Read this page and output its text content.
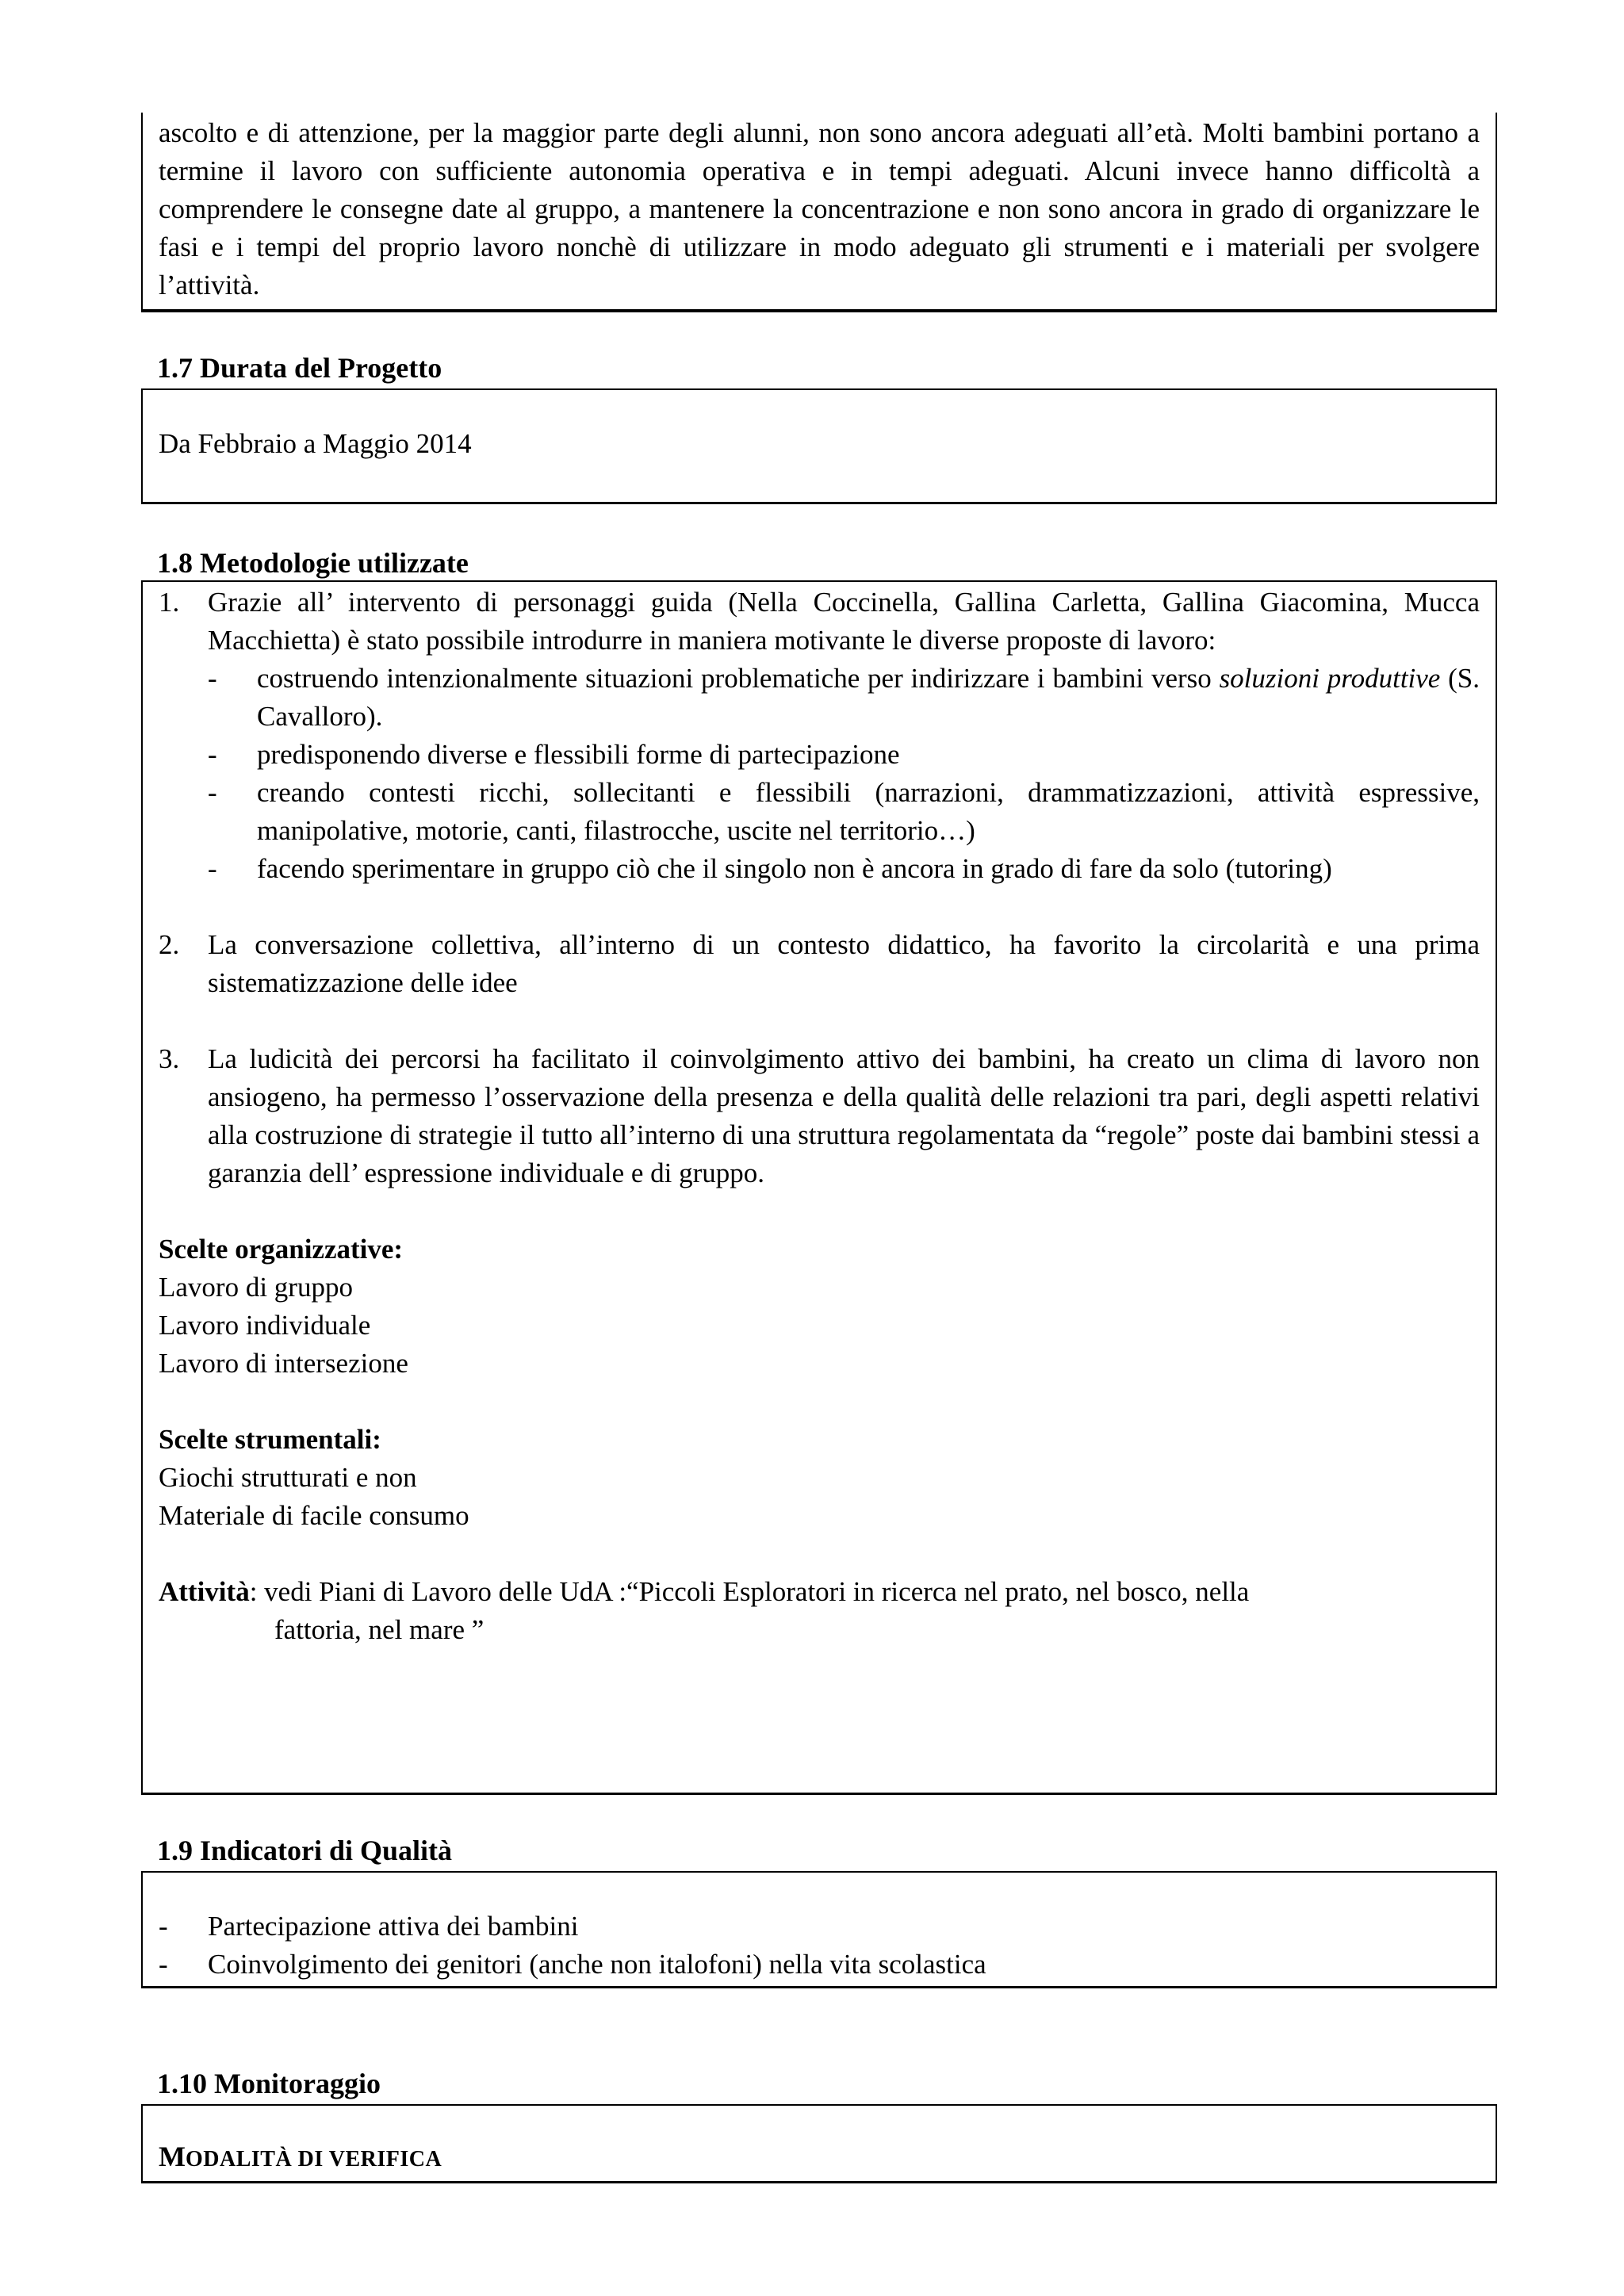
ascolto e di attenzione, per la maggior parte degli alunni, non sono ancora adeguati all’età. Molti bambini portano a termine il lavoro con sufficiente autonomia operativa e in tempi adeguati. Alcuni invece hanno difficoltà a comprendere le consegne date al gruppo, a mantenere la concentrazione e non sono ancora in grado di organizzare le fasi e i tempi del proprio lavoro nonchè di utilizzare in modo adeguato gli strumenti e i materiali per svolgere l’attività.

1.7 Durata del Progetto

Da Febbraio a Maggio 2014

1.8 Metodologie utilizzate
1.	Grazie all’ intervento di personaggi guida (Nella Coccinella, Gallina Carletta, Gallina Giacomina, Mucca Macchietta) è stato possibile introdurre in maniera motivante le diverse proposte di lavoro:
-	costruendo intenzionalmente situazioni problematiche per indirizzare i bambini verso soluzioni produttive (S. Cavalloro).
-	predisponendo diverse e flessibili forme di partecipazione
-	creando contesti ricchi, sollecitanti e flessibili (narrazioni, drammatizzazioni, attività espressive, manipolative, motorie, canti, filastrocche, uscite nel territorio…)
-	facendo sperimentare in gruppo ciò che il singolo non è ancora in grado di fare da solo (tutoring)
2.	La conversazione collettiva, all’interno di un contesto didattico, ha favorito la circolarità e una prima sistematizzazione delle idee
3.	La ludicità dei percorsi ha facilitato il coinvolgimento attivo dei bambini, ha creato un clima di lavoro non ansiogeno, ha permesso l’osservazione della presenza e della qualità delle relazioni tra pari, degli aspetti relativi alla costruzione di strategie il tutto all’interno di una struttura regolamentata da “regole” poste dai bambini stessi a garanzia dell’ espressione individuale e di gruppo.
Scelte organizzative:
Lavoro di gruppo
Lavoro individuale
Lavoro di intersezione
Scelte strumentali:
Giochi strutturati e non
Materiale di facile consumo
Attività: vedi Piani di Lavoro delle UdA :“Piccoli Esploratori in ricerca nel prato, nel bosco, nella
fattoria, nel mare ”
1.9 Indicatori di Qualità
-	Partecipazione attiva dei bambini
-	Coinvolgimento dei genitori (anche non italofoni) nella vita scolastica
1.10 Monitoraggio
MODALITÀ DI VERIFICA
